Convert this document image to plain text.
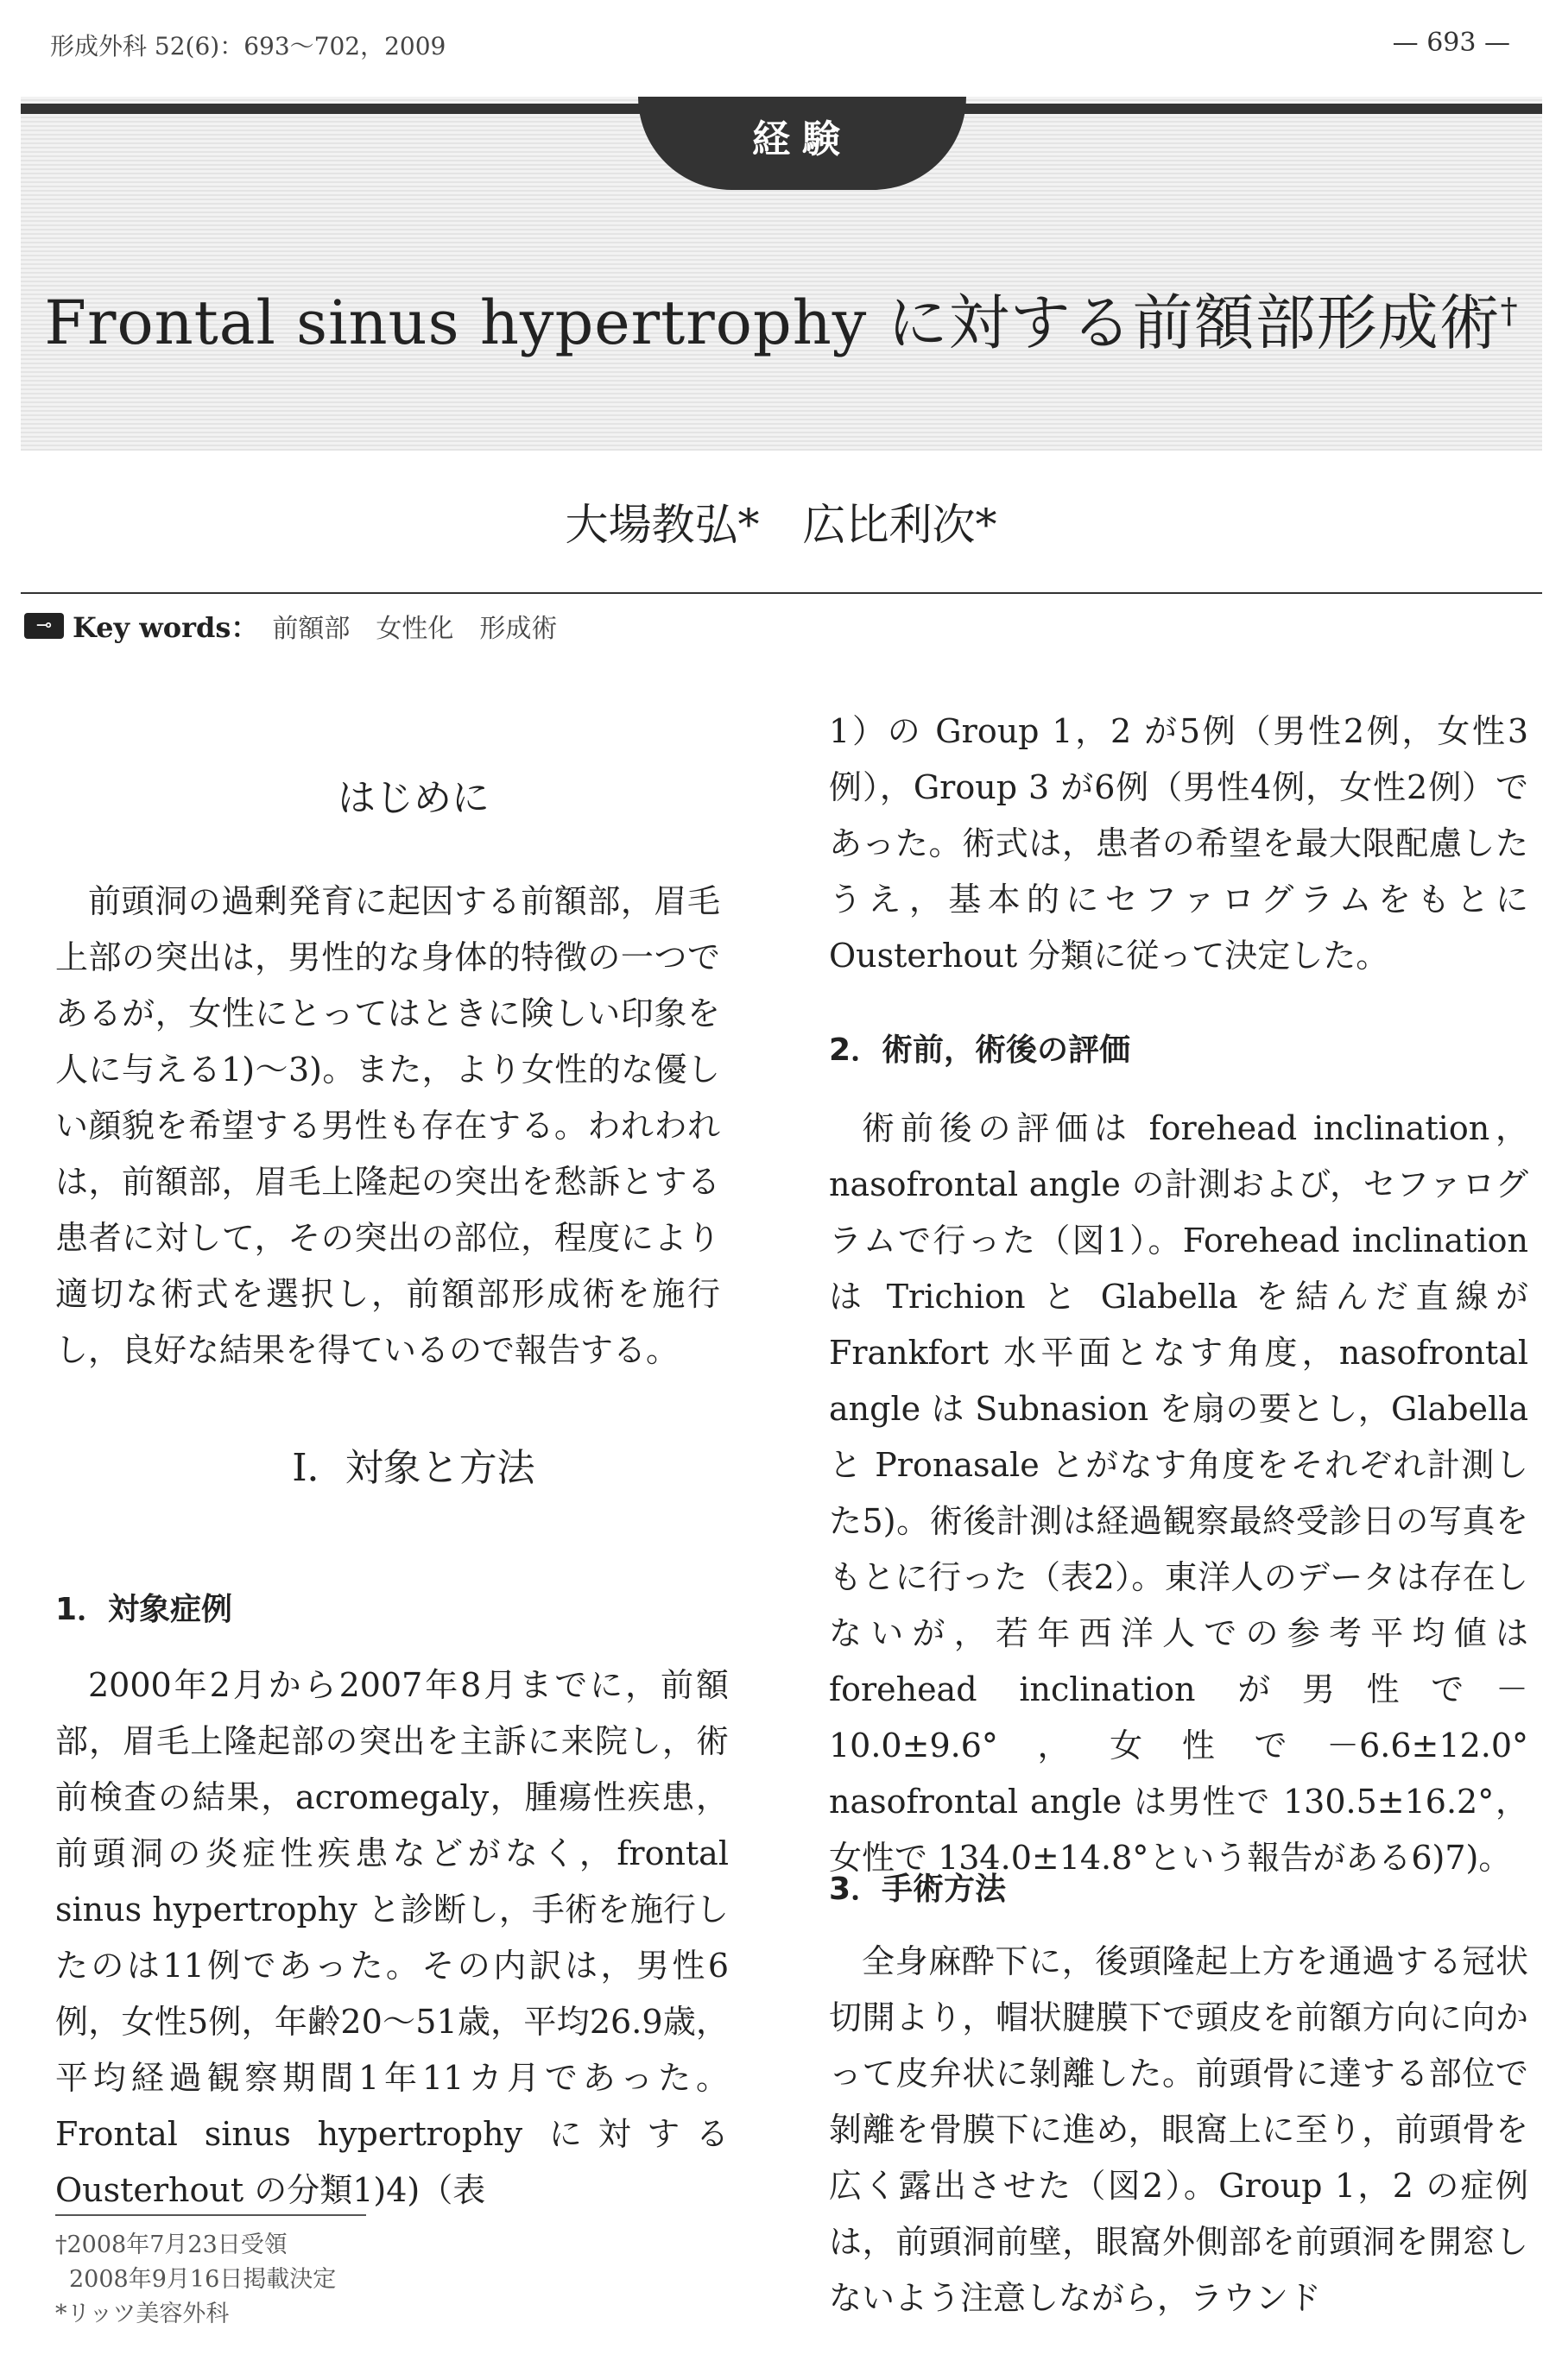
形成外科 52(6)：693～702，2009	— 693 —
経験
Frontal sinus hypertrophy に対する前額部形成術†
大場教弘*　広比利次*
⊸ Key words： 前額部　女性化　形成術
はじめに
前頭洞の過剰発育に起因する前額部，眉毛上部の突出は，男性的な身体的特徴の一つであるが，女性にとってはときに険しい印象を人に与える1)～3)。また，より女性的な優しい顔貌を希望する男性も存在する。われわれは，前額部，眉毛上隆起の突出を愁訴とする患者に対して，その突出の部位，程度により適切な術式を選択し，前額部形成術を施行し，良好な結果を得ているので報告する。
I．対象と方法
1．対象症例
2000年2月から2007年8月までに，前額部，眉毛上隆起部の突出を主訴に来院し，術前検査の結果，acromegaly，腫瘍性疾患，前頭洞の炎症性疾患などがなく，frontal sinus hypertrophy と診断し，手術を施行したのは11例であった。その内訳は，男性6例，女性5例，年齢20～51歳，平均26.9歳，平均経過観察期間1年11カ月であった。Frontal sinus hypertrophy に対する Ousterhout の分類1)4)（表
1）の Group 1，2 が5例（男性2例，女性3例），Group 3 が6例（男性4例，女性2例）であった。術式は，患者の希望を最大限配慮したうえ，基本的にセファログラムをもとに Ousterhout 分類に従って決定した。
2．術前，術後の評価
術前後の評価は forehead inclination，nasofrontal angle の計測および，セファログラムで行った（図1）。Forehead inclination は Trichion と Glabella を結んだ直線が Frankfort 水平面となす角度，nasofrontal angle は Subnasion を扇の要とし，Glabella と Pronasale とがなす角度をそれぞれ計測した5)。術後計測は経過観察最終受診日の写真をもとに行った（表2）。東洋人のデータは存在しないが，若年西洋人での参考平均値は forehead inclination が男性で－10.0±9.6°，女性で－6.6±12.0° nasofrontal angle は男性で 130.5±16.2°，女性で 134.0±14.8°という報告がある6)7)。
3．手術方法
全身麻酔下に，後頭隆起上方を通過する冠状切開より，帽状腱膜下で頭皮を前額方向に向かって皮弁状に剝離した。前頭骨に達する部位で剝離を骨膜下に進め，眼窩上に至り，前頭骨を広く露出させた（図2）。Group 1，2 の症例は，前頭洞前壁，眼窩外側部を前頭洞を開窓しないよう注意しながら，ラウンド
†2008年7月23日受領
2008年9月16日掲載決定
*リッツ美容外科
